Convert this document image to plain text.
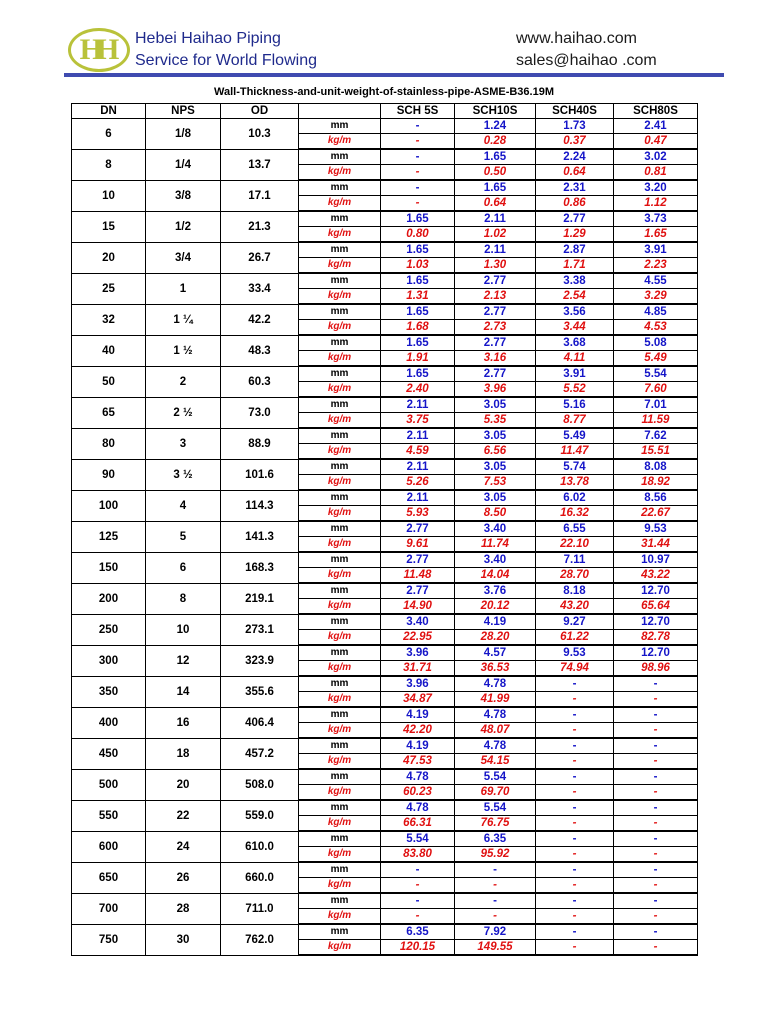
HH	Hebei Haihao Piping
Service for World Flowing
www.haihao.com
sales@haihao .com
Wall-Thickness-and-unit-weight-of-stainless-pipe-ASME-B36.19M
DN	NPS	OD		SCH 5S	SCH10S	SCH40S	SCH80S
6	1/8	10.3	mm	-	1.24	1.73	2.41
			kg/m	-	0.28	0.37	0.47
8	1/4	13.7	mm	-	1.65	2.24	3.02
			kg/m	-	0.50	0.64	0.81
10	3/8	17.1	mm	-	1.65	2.31	3.20
			kg/m	-	0.64	0.86	1.12
15	1/2	21.3	mm	1.65	2.11	2.77	3.73
			kg/m	0.80	1.02	1.29	1.65
20	3/4	26.7	mm	1.65	2.11	2.87	3.91
			kg/m	1.03	1.30	1.71	2.23
25	1	33.4	mm	1.65	2.77	3.38	4.55
			kg/m	1.31	2.13	2.54	3.29
32	1 ¼	42.2	mm	1.65	2.77	3.56	4.85
			kg/m	1.68	2.73	3.44	4.53
40	1 ½	48.3	mm	1.65	2.77	3.68	5.08
			kg/m	1.91	3.16	4.11	5.49
50	2	60.3	mm	1.65	2.77	3.91	5.54
			kg/m	2.40	3.96	5.52	7.60
65	2 ½	73.0	mm	2.11	3.05	5.16	7.01
			kg/m	3.75	5.35	8.77	11.59
80	3	88.9	mm	2.11	3.05	5.49	7.62
			kg/m	4.59	6.56	11.47	15.51
90	3 ½	101.6	mm	2.11	3.05	5.74	8.08
			kg/m	5.26	7.53	13.78	18.92
100	4	114.3	mm	2.11	3.05	6.02	8.56
			kg/m	5.93	8.50	16.32	22.67
125	5	141.3	mm	2.77	3.40	6.55	9.53
			kg/m	9.61	11.74	22.10	31.44
150	6	168.3	mm	2.77	3.40	7.11	10.97
			kg/m	11.48	14.04	28.70	43.22
200	8	219.1	mm	2.77	3.76	8.18	12.70
			kg/m	14.90	20.12	43.20	65.64
250	10	273.1	mm	3.40	4.19	9.27	12.70
			kg/m	22.95	28.20	61.22	82.78
300	12	323.9	mm	3.96	4.57	9.53	12.70
			kg/m	31.71	36.53	74.94	98.96
350	14	355.6	mm	3.96	4.78	-	-
			kg/m	34.87	41.99	-	-
400	16	406.4	mm	4.19	4.78	-	-
			kg/m	42.20	48.07	-	-
450	18	457.2	mm	4.19	4.78	-	-
			kg/m	47.53	54.15	-	-
500	20	508.0	mm	4.78	5.54	-	-
			kg/m	60.23	69.70	-	-
550	22	559.0	mm	4.78	5.54	-	-
			kg/m	66.31	76.75	-	-
600	24	610.0	mm	5.54	6.35	-	-
			kg/m	83.80	95.92	-	-
650	26	660.0	mm	-	-	-	-
			kg/m	-	-	-	-
700	28	711.0	mm	-	-	-	-
			kg/m	-	-	-	-
750	30	762.0	mm	6.35	7.92	-	-
			kg/m	120.15	149.55	-	-
